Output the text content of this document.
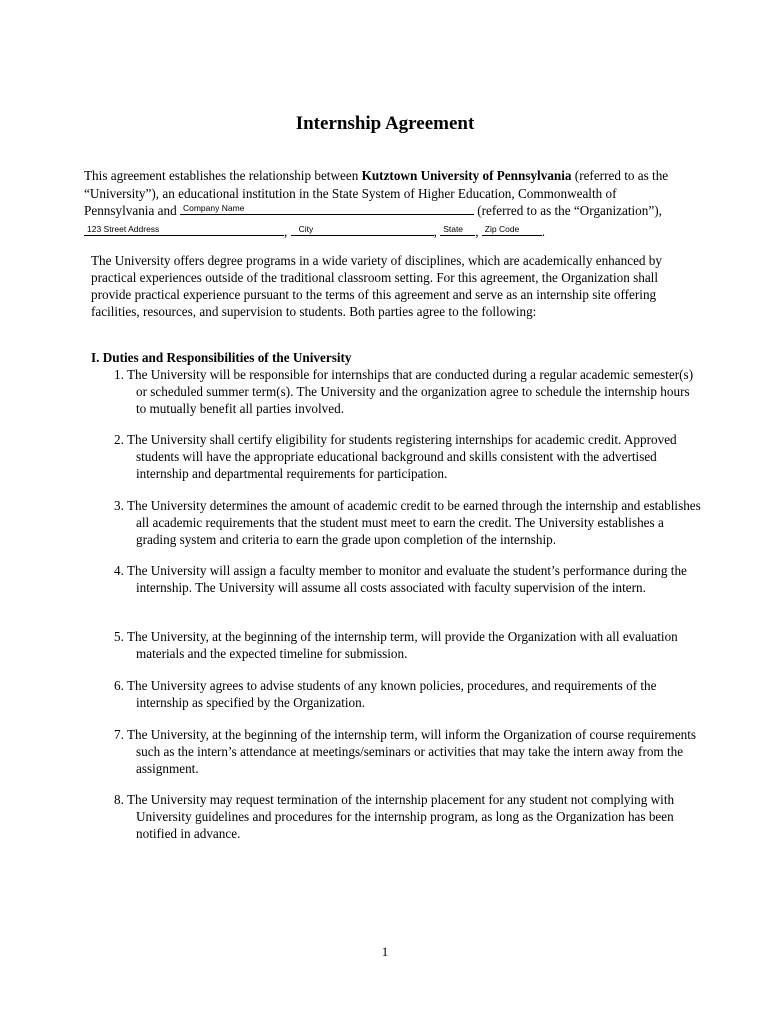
Internship Agreement
This agreement establishes the relationship between Kutztown University of Pennsylvania (referred to as the “University”), an educational institution in the State System of Higher Education, Commonwealth of Pennsylvania and Company Name	(referred to as the “Organization”),
123 Street Address	, City	, State , Zip Code .
The University offers degree programs in a wide variety of disciplines, which are academically enhanced by practical experiences outside of the traditional classroom setting. For this agreement, the Organization shall provide practical experience pursuant to the terms of this agreement and serve as an internship site offering facilities, resources, and supervision to students. Both parties agree to the following:
I. Duties and Responsibilities of the University
1. The University will be responsible for internships that are conducted during a regular academic semester(s) or scheduled summer term(s). The University and the organization agree to schedule the internship hours to mutually benefit all parties involved.
2. The University shall certify eligibility for students registering internships for academic credit. Approved students will have the appropriate educational background and skills consistent with the advertised internship and departmental requirements for participation.
3. The University determines the amount of academic credit to be earned through the internship and establishes all academic requirements that the student must meet to earn the credit. The University establishes a grading system and criteria to earn the grade upon completion of the internship.
4. The University will assign a faculty member to monitor and evaluate the student’s performance during the internship. The University will assume all costs associated with faculty supervision of the intern.
5. The University, at the beginning of the internship term, will provide the Organization with all evaluation materials and the expected timeline for submission.
6. The University agrees to advise students of any known policies, procedures, and requirements of the internship as specified by the Organization.
7. The University, at the beginning of the internship term, will inform the Organization of course requirements such as the intern’s attendance at meetings/seminars or activities that may take the intern away from the assignment.
8. The University may request termination of the internship placement for any student not complying with University guidelines and procedures for the internship program, as long as the Organization has been notified in advance.
1
